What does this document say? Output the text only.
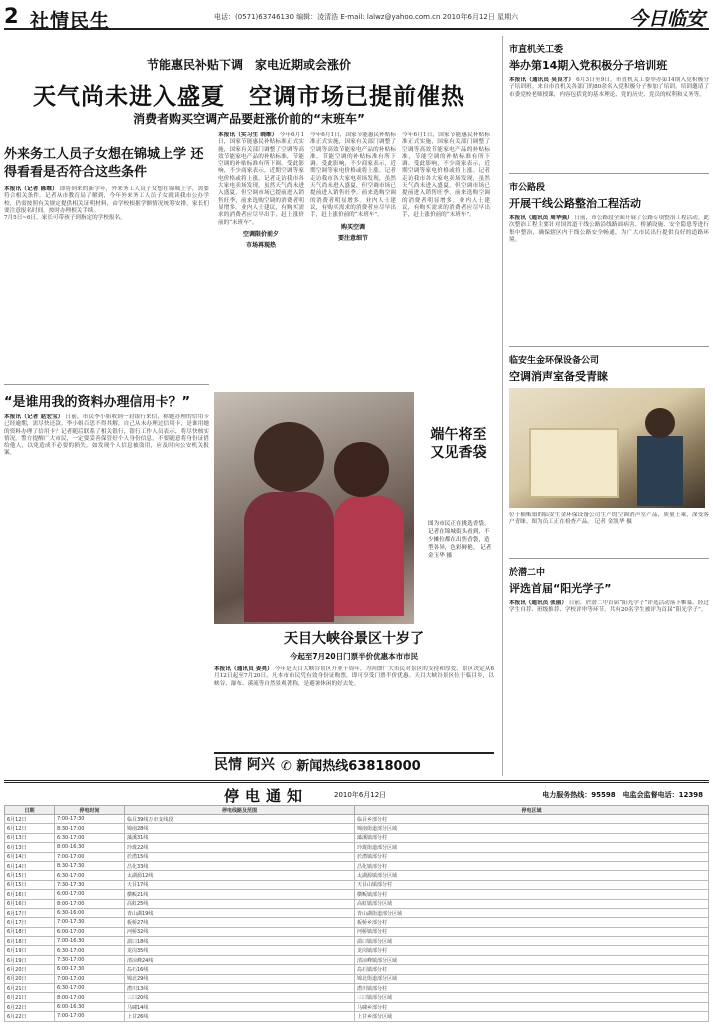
2 社情民生	电话：(0571)63746130 编辑：凌清浩 E-mail: lalwz@yahoo.com.cn 2010年6月12日 星期六	今日临安
节能惠民补贴下调　家电近期或会涨价
天气尚未进入盛夏　空调市场已提前催热
消费者购买空调产品要赶涨价前的“末班车”
本报讯（实习生 晓维） 今年6月1日，国家节能惠民补贴标准正式实施，国家有关部门调整了空调等高效节能家电产品的补贴标准，节能空调的补贴标准有所下调。受此影响，不少商家表示，近期空调等家电价格或将上涨。记者走访我市各大家电卖场发现，虽然天气尚未进入盛夏，但空调市场已提前进入销售旺季，前来选购空调的消费者明显增多。业内人士建议，有购买需求的消费者应尽早出手，赶上涨价前的“末班车”。
空调限价前夕
市场再现热
今年6月1日，国家节能惠民补贴标准正式实施，国家有关部门调整了空调等高效节能家电产品的补贴标准，节能空调的补贴标准有所下调。受此影响，不少商家表示，近期空调等家电价格或将上涨。记者走访我市各大家电卖场发现，虽然天气尚未进入盛夏，但空调市场已提前进入销售旺季，前来选购空调的消费者明显增多。业内人士建议，有购买需求的消费者应尽早出手，赶上涨价前的“末班车”。
购买空调
要注意细节
今年6月1日，国家节能惠民补贴标准正式实施，国家有关部门调整了空调等高效节能家电产品的补贴标准，节能空调的补贴标准有所下调。受此影响，不少商家表示，近期空调等家电价格或将上涨。记者走访我市各大家电卖场发现，虽然天气尚未进入盛夏，但空调市场已提前进入销售旺季，前来选购空调的消费者明显增多。业内人士建议，有购买需求的消费者应尽早出手，赶上涨价前的“末班车”。
外来务工人员子女想在锦城上学 还得看看是否符合这些条件
本报讯（记者 陈维） 即将到来的新学年，外来务工人员子女想在锦城上学，需要符合相关条件。记者从市教育局了解到，今年外来务工人员子女就读我市公办学校，仍需按照有关规定提供相关证明材料，由学校根据学额情况统筹安排。家长们要注意报名时间，按时办理相关手续。
7月5日~6日，家长可带孩子到指定的学校报名。
“是谁用我的资料办理信用卡？”
本报讯（记者 赵宏宝） 日前，市民李小姐收到一封银行来信，称她办理的信用卡已经逾期，需尽快还款。李小姐百思不得其解，自己从未办理过信用卡，是谁用她的资料办理了信用卡？记者随后联系了相关银行，银行工作人员表示，将尽快核实情况。警方提醒广大市民，一定要妥善保管好个人身份信息，不要随意将身份证借给他人，以免造成不必要的损失。如发现个人信息被盗用，应及时向公安机关报案。
端午将至 又见香袋
图为市民正在挑选香袋。 记者在锦城街头看到，不少摊位都在出售香袋，造型各异，色彩鲜艳。 记者 金玉华 摄
天目大峡谷景区十岁了
今起至7月20日门票半价优惠本市市民
本报讯（通讯员 姜亮） 今年是天目大峡谷景区开业十周年。为回馈广大市民对景区的支持和厚爱，景区决定从6月12日起至7月20日，凡本市市民凭有效身份证购票，即可享受门票半价优惠。天目大峡谷景区位于临目乡，以峡谷、瀑布、溪流等自然景观著称，是避暑休闲的好去处。
民情 阿兴 ✆ 新闻热线63818000
市直机关工委
举办第14期入党积极分子培训班
本报讯（通讯员 吴良才） 6月3日至9日，市直机关工委举办第14期入党积极分子培训班。来自市直机关各部门的80余名入党积极分子参加了培训。培训邀请了市委党校老师授课，内容包括党的基本理论、党的历史、党员的权利和义务等。
市公路段
开展干线公路整治工程活动
本报讯（通讯员 周华强） 日前，市公路段全面开展了公路专项整治工程活动。此次整治工程主要针对国省道干线公路沿线路面病害、桥涵设施、安全隐患等进行集中整治，确保辖区内干线公路安全畅通，为广大市民出行提供良好的道路环境。
临安生金环保设备公司
空调消声室备受青睐
位于横畈镇的临安生金环保设备公司生产的空调消声室产品，质量上乘，深受客户青睐。图为员工正在检查产品。 记者 金凯华 摄
於潜二中
评选首届“阳光学子”
本报讯（通讯员 张丽） 日前，於潜二中首届“阳光学子”评选活动落下帷幕。经过学生自荐、班级推荐、学校评审等环节，共有20名学生被评为首届“阳光学子”。
停电通知	2010年6月12日	电力服务热线：95598　电监会监督电话：12398
日期	停电时间	停电线路及范围	停电区域
6月12日	7:00-17:30	临目39线万市支线段	临目乡部分村
6月12日	8:30-17:00	锦南28线	锦南街道部分区域
6月13日	6:30-17:00	藻溪31线	藻溪镇部分村
6月13日	8:00-16:30	玲珑22线	玲珑街道部分区域
6月14日	7:00-17:00	於潜15线	於潜镇部分村
6月14日	8:30-17:30	昌化33线	昌化镇部分村
6月15日	6:30-17:00	太湖源12线	太湖源镇部分区域
6月15日	7:30-17:30	天目17线	天目山镇部分村
6月16日	6:00-17:00	横畈21线	横畈镇部分村
6月16日	8:00-17:00	高虹25线	高虹镇部分区域
6月17日	6:30-16:00	青山湖19线	青山湖街道部分区域
6月17日	7:00-17:30	板桥27线	板桥乡部分村
6月18日	6:00-17:00	河桥32线	河桥镇部分村
6月18日	7:00-16:30	湍口18线	湍口镇部分区域
6月19日	6:30-17:00	龙岗35线	龙岗镇部分村
6月19日	7:30-17:00	清凉峰24线	清凉峰镇部分区域
6月20日	6:00-17:30	岛石16线	岛石镇部分村
6月20日	7:00-17:00	锦北29线	锦北街道部分区域
6月21日	6:30-17:00	潜川13线	潜川镇部分村
6月21日	8:00-17:00	三口20线	三口镇部分区域
6月22日	6:00-16:30	马啸14线	马啸乡部分村
6月22日	7:00-17:00	上甘26线	上甘乡部分区域
